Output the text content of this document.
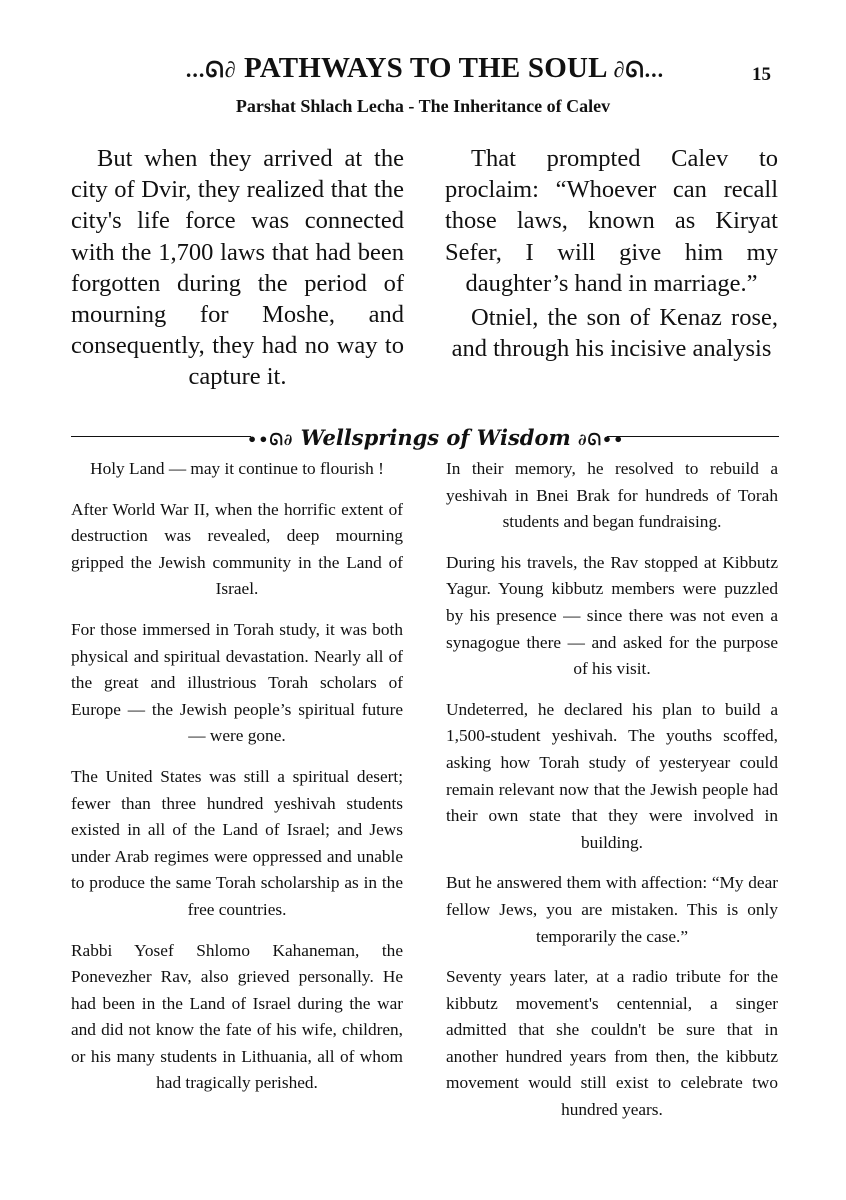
...ᘏ∂ PATHWAYS TO THE SOUL ∂ᘏ...	15
Parshat Shlach Lecha - The Inheritance of Calev

But when they arrived at the city of Dvir, they realized that the city's life force was connected with the 1,700 laws that had been forgotten during the period of mourning for Moshe, and consequently, they had no way to capture it.

That prompted Calev to proclaim: “Whoever can recall those laws, known as Kiryat Sefer, I will give him my daughter’s hand in marriage.”

Otniel, the son of Kenaz rose, and through his incisive analysis

••ᘏ∂ Wellsprings of Wisdom ∂ᘏ••

Holy Land — may it continue to flourish !

After World War II, when the horrific extent of destruction was revealed, deep mourning gripped the Jewish community in the Land of Israel.

For those immersed in Torah study, it was both physical and spiritual devastation. Nearly all of the great and illustrious Torah scholars of Europe — the Jewish people’s spiritual future — were gone.

The United States was still a spiritual desert; fewer than three hundred yeshivah students existed in all of the Land of Israel; and Jews under Arab regimes were oppressed and unable to produce the same Torah scholarship as in the free countries.

Rabbi Yosef Shlomo Kahaneman, the Ponevezher Rav, also grieved personally. He had been in the Land of Israel during the war and did not know the fate of his wife, children, or his many students in Lithuania, all of whom had tragically perished.

In their memory, he resolved to rebuild a yeshivah in Bnei Brak for hundreds of Torah students and began fundraising.

During his travels, the Rav stopped at Kibbutz Yagur. Young kibbutz members were puzzled by his presence — since there was not even a synagogue there — and asked for the purpose of his visit.

Undeterred, he declared his plan to build a 1,500-student yeshivah. The youths scoffed, asking how Torah study of yesteryear could remain relevant now that the Jewish people had their own state that they were involved in building.

But he answered them with affection: “My dear fellow Jews, you are mistaken. This is only temporarily the case.”

Seventy years later, at a radio tribute for the kibbutz movement's centennial, a singer admitted that she couldn't be sure that in another hundred years from then, the kibbutz movement would still exist to celebrate two hundred years.
